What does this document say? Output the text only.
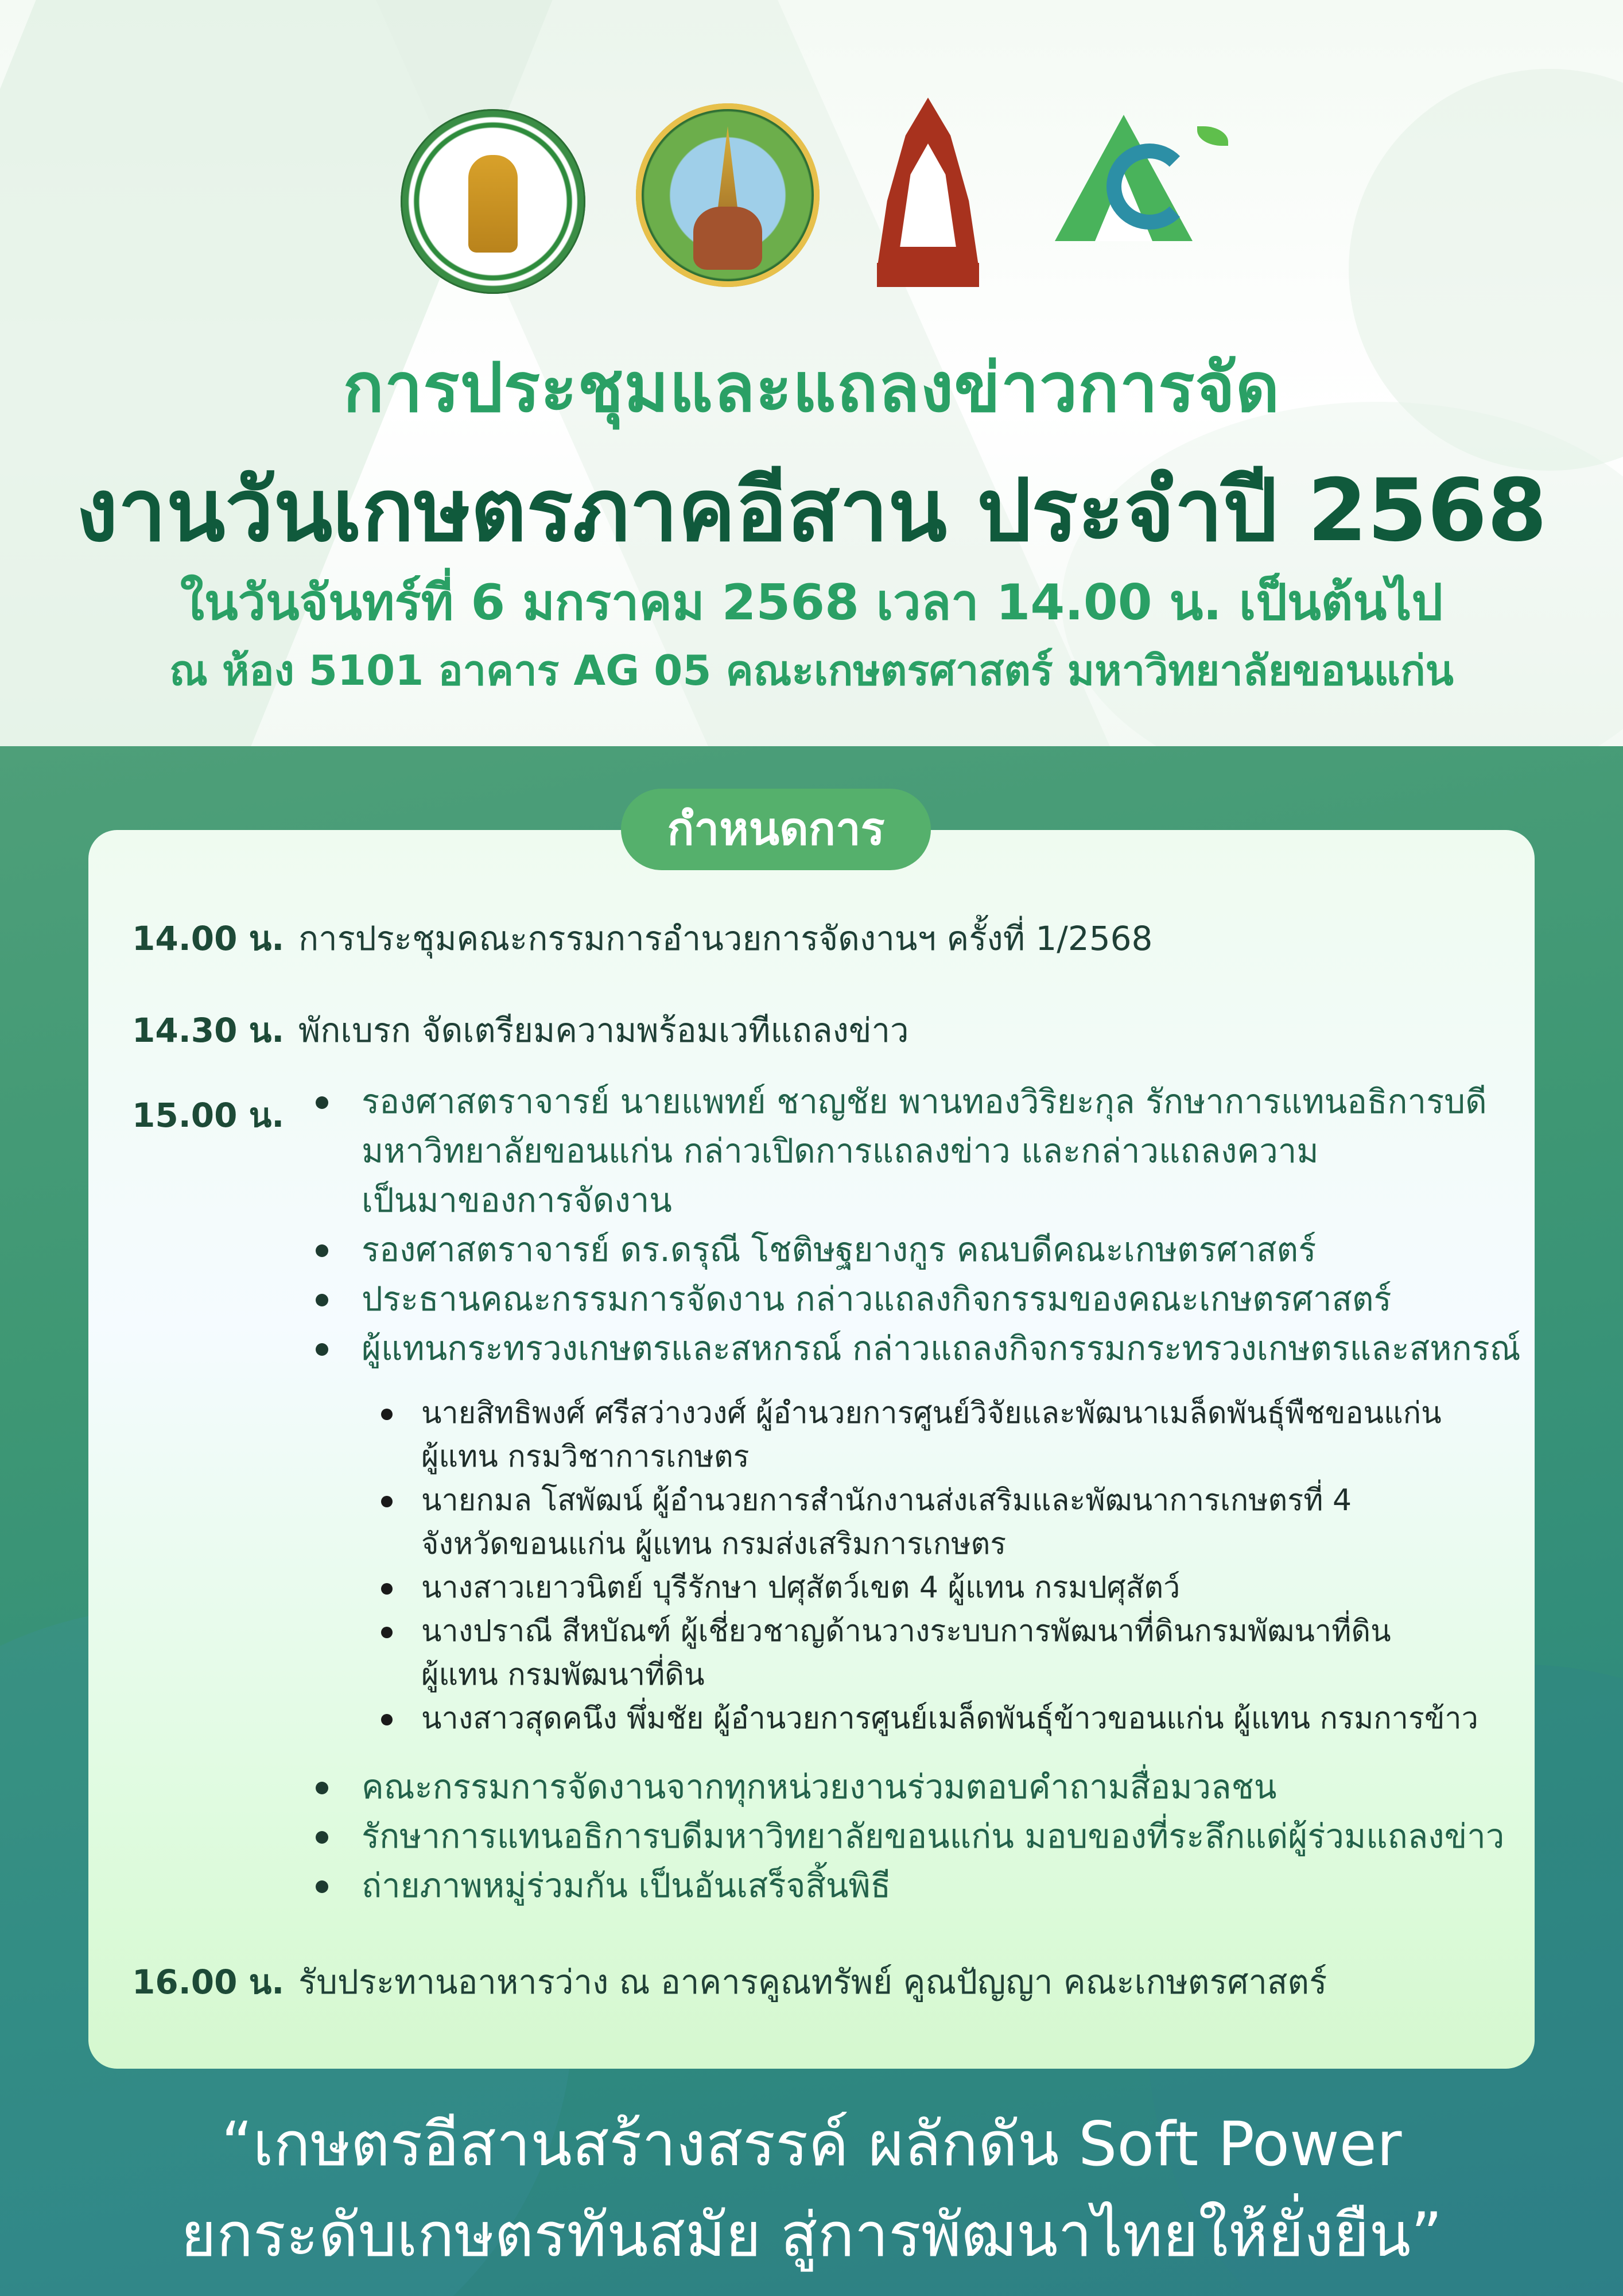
การประชุมและแถลงข่าวการจัด
งานวันเกษตรภาคอีสาน ประจำปี 2568
ในวันจันทร์ที่ 6 มกราคม 2568 เวลา 14.00 น. เป็นต้นไป
ณ ห้อง 5101 อาคาร AG 05 คณะเกษตรศาสตร์ มหาวิทยาลัยขอนแก่น
กำหนดการ
14.00 น. การประชุมคณะกรรมการอำนวยการจัดงานฯ ครั้งที่ 1/2568
14.30 น. พักเบรก จัดเตรียมความพร้อมเวทีแถลงข่าว
15.00 น.	รองศาสตราจารย์ นายแพทย์ ชาญชัย พานทองวิริยะกุล รักษาการแทนอธิการบดี
มหาวิทยาลัยขอนแก่น กล่าวเปิดการแถลงข่าว และกล่าวแถลงความ
เป็นมาของการจัดงาน
รองศาสตราจารย์ ดร.ดรุณี โชติษฐยางกูร คณบดีคณะเกษตรศาสตร์
ประธานคณะกรรมการจัดงาน กล่าวแถลงกิจกรรมของคณะเกษตรศาสตร์
ผู้แทนกระทรวงเกษตรและสหกรณ์ กล่าวแถลงกิจกรรมกระทรวงเกษตรและสหกรณ์
นายสิทธิพงศ์ ศรีสว่างวงศ์ ผู้อำนวยการศูนย์วิจัยและพัฒนาเมล็ดพันธุ์พืชขอนแก่น
ผู้แทน กรมวิชาการเกษตร
นายกมล โสพัฒน์ ผู้อำนวยการสำนักงานส่งเสริมและพัฒนาการเกษตรที่ 4
จังหวัดขอนแก่น ผู้แทน กรมส่งเสริมการเกษตร
นางสาวเยาวนิตย์ บุรีรักษา ปศุสัตว์เขต 4 ผู้แทน กรมปศุสัตว์
นางปราณี สีหบัณฑ์ ผู้เชี่ยวชาญด้านวางระบบการพัฒนาที่ดินกรมพัฒนาที่ดิน
ผู้แทน กรมพัฒนาที่ดิน
นางสาวสุดคนึง พึ่มชัย ผู้อำนวยการศูนย์เมล็ดพันธุ์ข้าวขอนแก่น ผู้แทน กรมการข้าว
คณะกรรมการจัดงานจากทุกหน่วยงานร่วมตอบคำถามสื่อมวลชน
รักษาการแทนอธิการบดีมหาวิทยาลัยขอนแก่น มอบของที่ระลึกแด่ผู้ร่วมแถลงข่าว
ถ่ายภาพหมู่ร่วมกัน เป็นอันเสร็จสิ้นพิธี
16.00 น. รับประทานอาหารว่าง ณ อาคารคูณทรัพย์ คูณปัญญา คณะเกษตรศาสตร์
“เกษตรอีสานสร้างสรรค์ ผลักดัน Soft Power
ยกระดับเกษตรทันสมัย สู่การพัฒนาไทยให้ยั่งยืน”
